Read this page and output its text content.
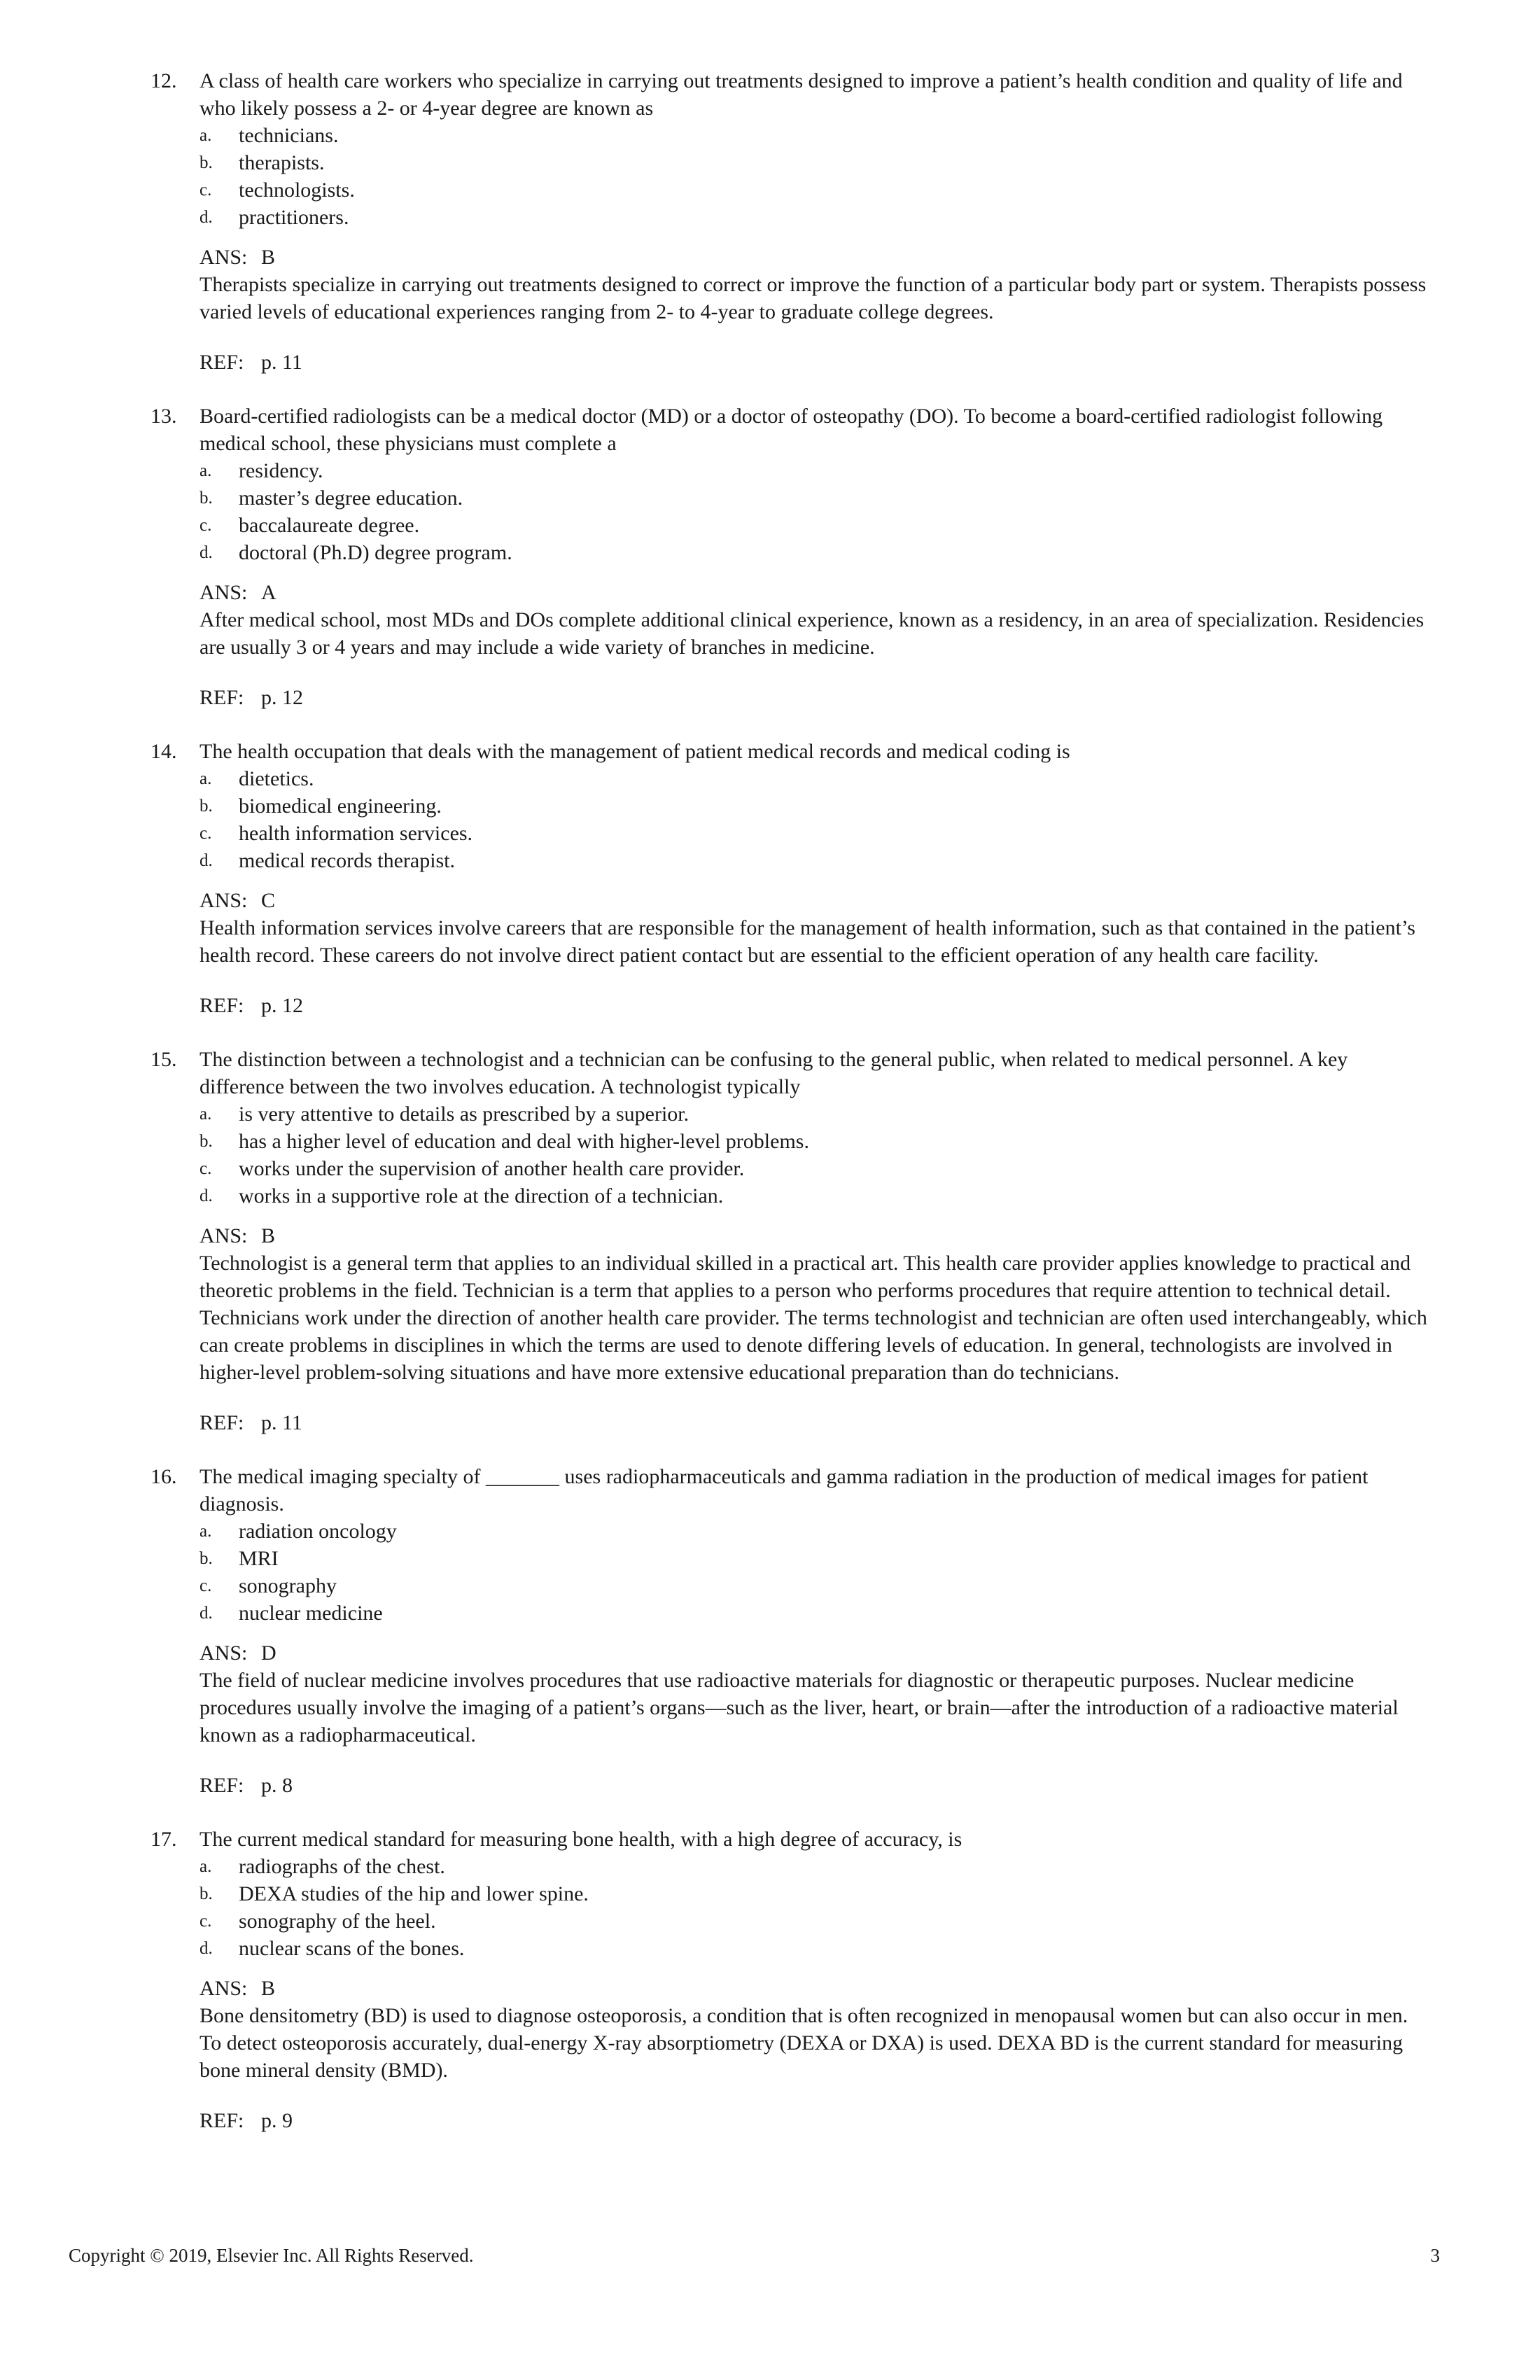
12. A class of health care workers who specialize in carrying out treatments designed to improve a patient’s health condition and quality of life and who likely possess a 2- or 4-year degree are known as

a. technicians.
b. therapists.
c. technologists.
d. practitioners.
ANS: B

Therapists specialize in carrying out treatments designed to correct or improve the function of a particular body part or system. Therapists possess varied levels of educational experiences ranging from 2- to 4-year to graduate college degrees.

REF: p. 11
13. Board-certified radiologists can be a medical doctor (MD) or a doctor of osteopathy (DO). To become a board-certified radiologist following medical school, these physicians must complete a

a. residency.
b. master’s degree education.
c. baccalaureate degree.
d. doctoral (Ph.D) degree program.
ANS: A

After medical school, most MDs and DOs complete additional clinical experience, known as a residency, in an area of specialization. Residencies are usually 3 or 4 years and may include a wide variety of branches in medicine.

REF: p. 12
14. The health occupation that deals with the management of patient medical records and medical coding is

a. dietetics.
b. biomedical engineering.
c. health information services.
d. medical records therapist.
ANS: C

Health information services involve careers that are responsible for the management of health information, such as that contained in the patient’s health record. These careers do not involve direct patient contact but are essential to the efficient operation of any health care facility.

REF: p. 12
15. The distinction between a technologist and a technician can be confusing to the general public, when related to medical personnel. A key difference between the two involves education. A technologist typically

a. is very attentive to details as prescribed by a superior.
b. has a higher level of education and deal with higher-level problems.
c. works under the supervision of another health care provider.
d. works in a supportive role at the direction of a technician.
ANS: B

Technologist is a general term that applies to an individual skilled in a practical art. This health care provider applies knowledge to practical and theoretic problems in the field. Technician is a term that applies to a person who performs procedures that require attention to technical detail. Technicians work under the direction of another health care provider. The terms technologist and technician are often used interchangeably, which can create problems in disciplines in which the terms are used to denote differing levels of education. In general, technologists are involved in higher-level problem-solving situations and have more extensive educational preparation than do technicians.

REF: p. 11
16. The medical imaging specialty of _______ uses radiopharmaceuticals and gamma radiation in the production of medical images for patient diagnosis.

a. radiation oncology
b. MRI
c. sonography
d. nuclear medicine
ANS: D

The field of nuclear medicine involves procedures that use radioactive materials for diagnostic or therapeutic purposes. Nuclear medicine procedures usually involve the imaging of a patient’s organs—such as the liver, heart, or brain—after the introduction of a radioactive material known as a radiopharmaceutical.

REF: p. 8
17. The current medical standard for measuring bone health, with a high degree of accuracy, is

a. radiographs of the chest.
b. DEXA studies of the hip and lower spine.
c. sonography of the heel.
d. nuclear scans of the bones.
ANS: B

Bone densitometry (BD) is used to diagnose osteoporosis, a condition that is often recognized in menopausal women but can also occur in men. To detect osteoporosis accurately, dual-energy X-ray absorptiometry (DEXA or DXA) is used. DEXA BD is the current standard for measuring bone mineral density (BMD).

REF: p. 9
Copyright © 2019, Elsevier Inc. All Rights Reserved.	3
